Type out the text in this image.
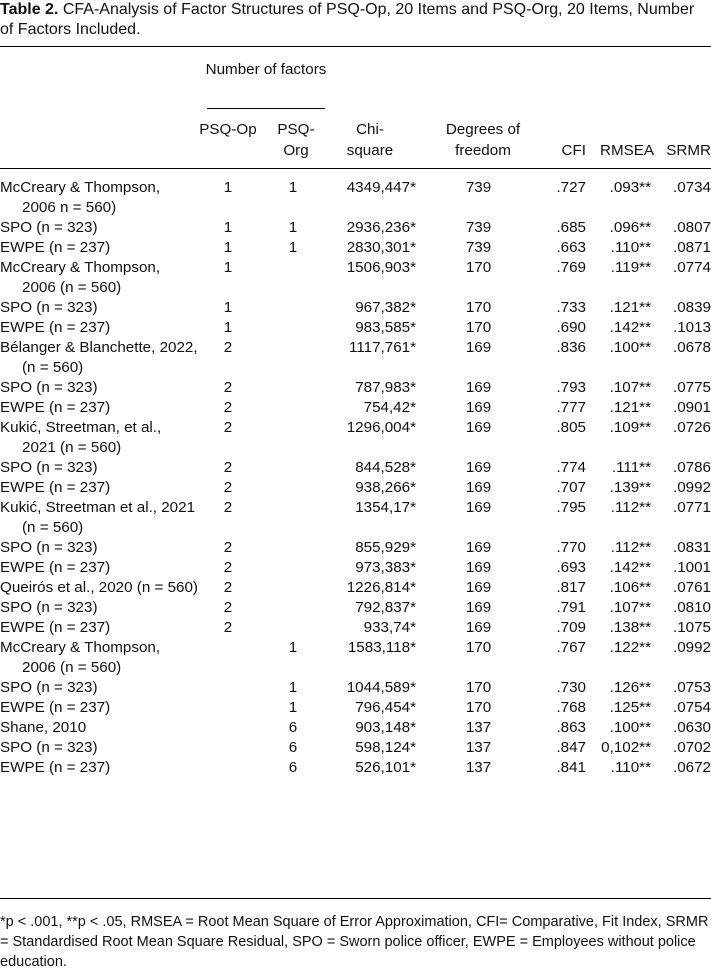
Table 2. CFA-Analysis of Factor Structures of PSQ-Op, 20 Items and PSQ-Org, 20 Items, Number of Factors Included.
Number of factors
PSQ-Op	PSQ-Org
Chi-square
Degrees of freedom	CFI RMSEA SRMR
McCreary & Thompson, 2006 n = 560)	1	1	4349,447*	739	.727	.093**	.0734

SPO (n = 323)	1	1	2936,236*	739	.685	.096**	.0807

EWPE (n = 237)	1	1	2830,301*	739	.663	.110**	.0871

McCreary & Thompson, 2006 (n = 560)	1		1506,903*	170	.769	.119**	.0774

SPO (n = 323)	1		967,382*	170	.733	.121**	.0839

EWPE (n = 237)	1		983,585*	170	.690	.142**	.1013

Bélanger & Blanchette, 2022, (n = 560)	2		1117,761*	169	.836	.100**	.0678

SPO (n = 323)	2		787,983*	169	.793	.107**	.0775

EWPE (n = 237)	2		754,42*	169	.777	.121**	.0901

Kukić, Streetman, et al., 2021 (n = 560)	2		1296,004*	169	.805	.109**	.0726

SPO (n = 323)	2		844,528*	169	.774	.111**	.0786

EWPE (n = 237)	2		938,266*	169	.707	.139**	.0992

Kukić, Streetman et al., 2021 (n = 560)	2		1354,17*	169	.795	.112**	.0771

SPO (n = 323)	2		855,929*	169	.770	.112**	.0831

EWPE (n = 237)	2		973,383*	169	.693	.142**	.1001

Queirós et al., 2020 (n = 560)	2		1226,814*	169	.817	.106**	.0761

SPO (n = 323)	2		792,837*	169	.791	.107**	.0810

EWPE (n = 237)	2		933,74*	169	.709	.138**	.1075

McCreary & Thompson, 2006 (n = 560)		1	1583,118*	170	.767	.122**	.0992

SPO (n = 323)		1	1044,589*	170	.730	.126**	.0753

EWPE (n = 237)		1	796,454*	170	.768	.125**	.0754

Shane, 2010		6	903,148*	137	.863	.100**	.0630

SPO (n = 323)		6	598,124*	137	.847	0,102**	.0702

EWPE (n = 237)		6	526,101*	137	.841	.110**	.0672
*p < .001, **p < .05, RMSEA = Root Mean Square of Error Approximation, CFI= Comparative, Fit Index, SRMR = Standardised Root Mean Square Residual, SPO = Sworn police officer, EWPE = Employees without police education.
